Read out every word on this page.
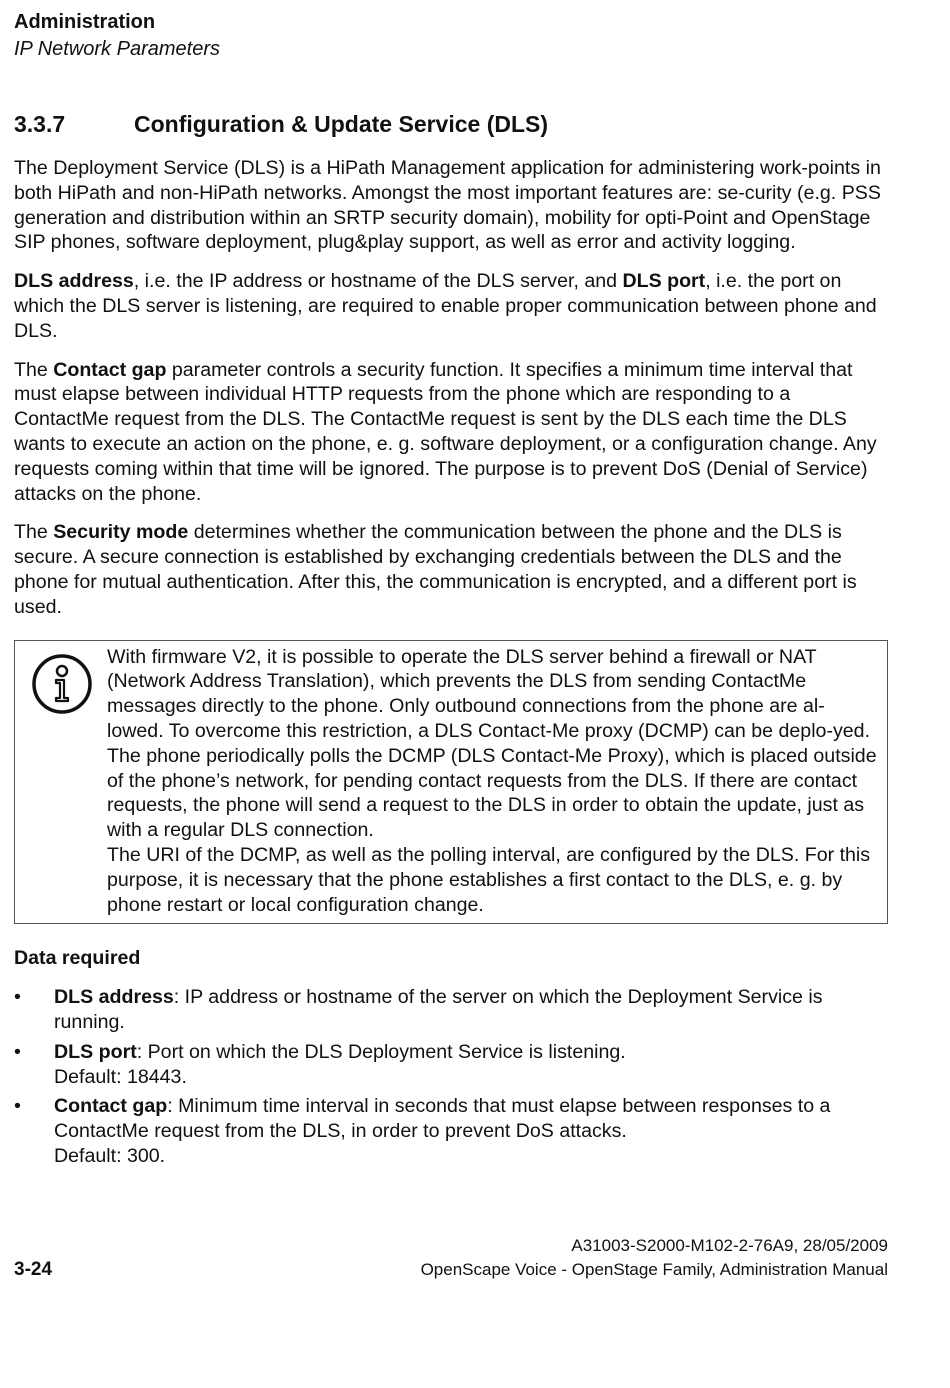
Administration
IP Network Parameters
3.3.7	Configuration & Update Service (DLS)

The Deployment Service (DLS) is a HiPath Management application for administering work-points in both HiPath and non-HiPath networks. Amongst the most important features are: se-curity (e.g. PSS generation and distribution within an SRTP security domain), mobility for opti-Point and OpenStage SIP phones, software deployment, plug&play support, as well as error and activity logging.

DLS address, i.e. the IP address or hostname of the DLS server, and DLS port, i.e. the port on which the DLS server is listening, are required to enable proper communication between phone and DLS.

The Contact gap parameter controls a security function. It specifies a minimum time interval that must elapse between individual HTTP requests from the phone which are responding to a ContactMe request from the DLS. The ContactMe request is sent by the DLS each time the DLS wants to execute an action on the phone, e. g. software deployment, or a configuration change. Any requests coming within that time will be ignored. The purpose is to prevent DoS (Denial of Service) attacks on the phone.

The Security mode determines whether the communication between the phone and the DLS is secure. A secure connection is established by exchanging credentials between the DLS and the phone for mutual authentication. After this, the communication is encrypted, and a different port is used.

With firmware V2, it is possible to operate the DLS server behind a firewall or NAT (Network Address Translation), which prevents the DLS from sending ContactMe messages directly to the phone. Only outbound connections from the phone are al-lowed. To overcome this restriction, a DLS Contact-Me proxy (DCMP) can be deplo-yed. The phone periodically polls the DCMP (DLS Contact-Me Proxy), which is placed outside of the phone’s network, for pending contact requests from the DLS. If there are contact requests, the phone will send a request to the DLS in order to obtain the update, just as with a regular DLS connection.
The URI of the DCMP, as well as the polling interval, are configured by the DLS. For this purpose, it is necessary that the phone establishes a first contact to the DLS, e. g. by phone restart or local configuration change.
Data required
• DLS address: IP address or hostname of the server on which the Deployment Service is running.
• DLS port: Port on which the DLS Deployment Service is listening.
Default: 18443.
• Contact gap: Minimum time interval in seconds that must elapse between responses to a ContactMe request from the DLS, in order to prevent DoS attacks.
Default: 300.
3-24
A31003-S2000-M102-2-76A9, 28/05/2009
OpenScape Voice - OpenStage Family, Administration Manual
